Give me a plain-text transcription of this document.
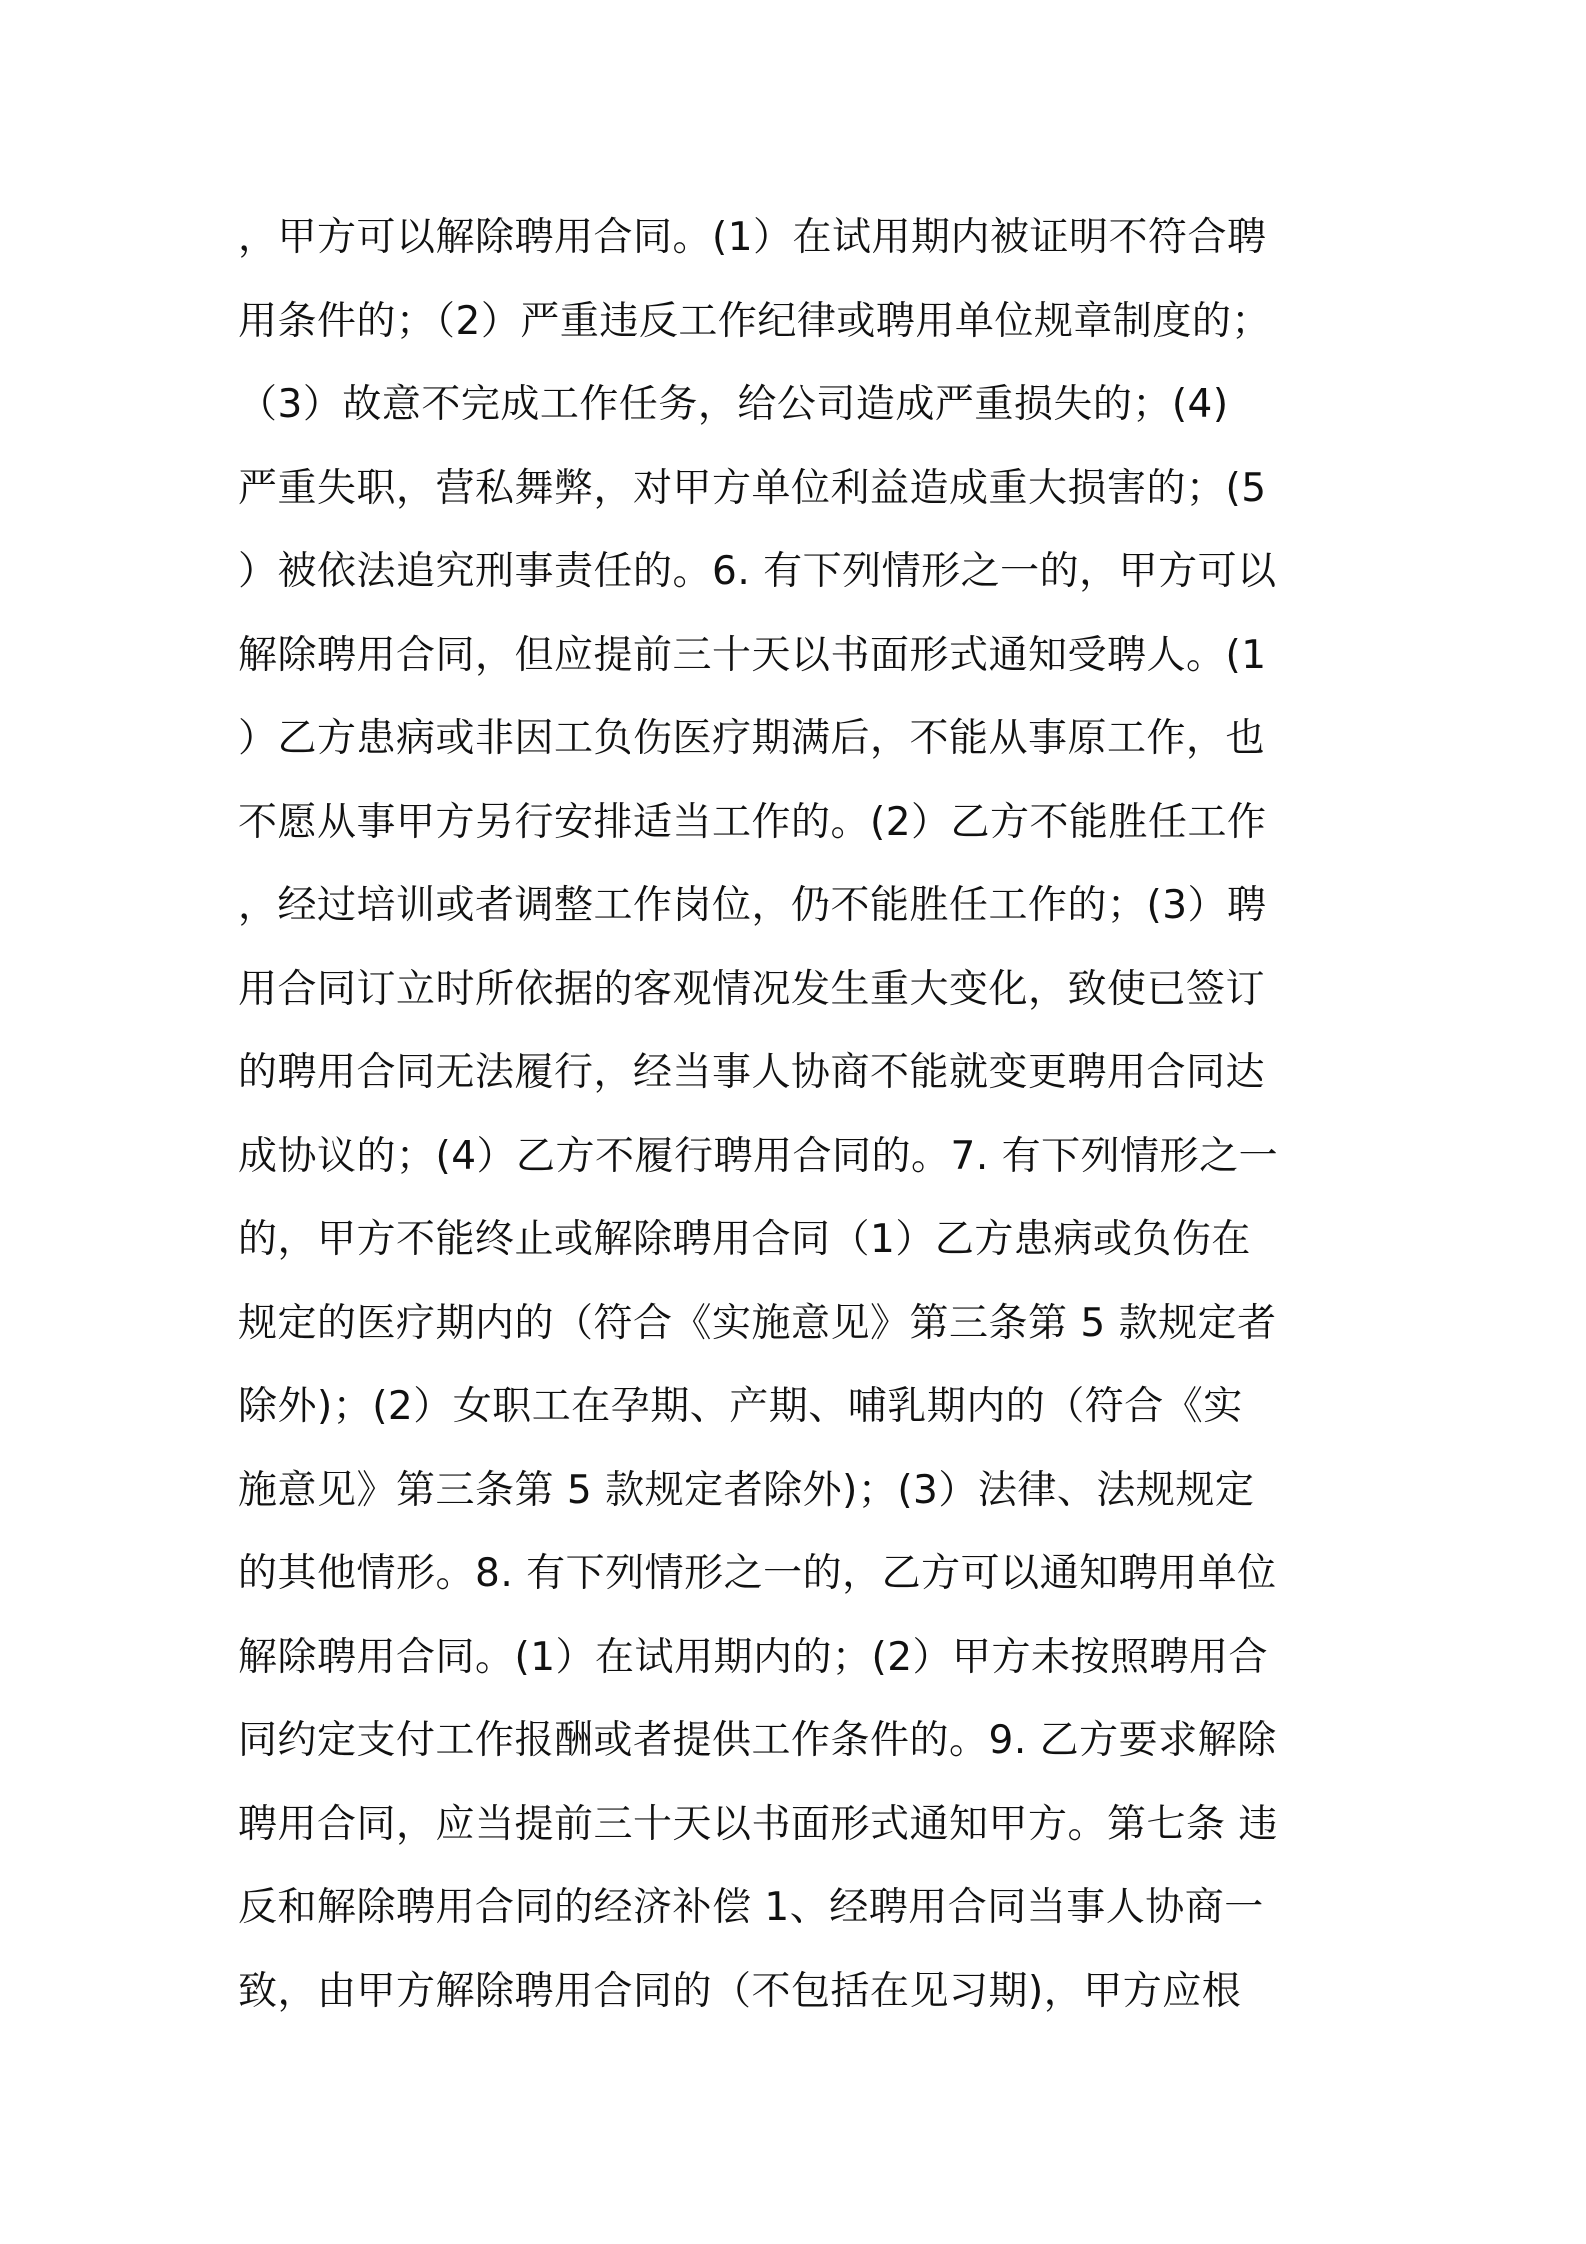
，甲方可以解除聘用合同。(1）在试用期内被证明不符合聘
用条件的；（2）严重违反工作纪律或聘用单位规章制度的；
（3）故意不完成工作任务，给公司造成严重损失的；(4)
严重失职，营私舞弊，对甲方单位利益造成重大损害的；(5
）被依法追究刑事责任的。6. 有下列情形之一的，甲方可以
解除聘用合同，但应提前三十天以书面形式通知受聘人。(1
）乙方患病或非因工负伤医疗期满后，不能从事原工作，也
不愿从事甲方另行安排适当工作的。(2）乙方不能胜任工作
，经过培训或者调整工作岗位，仍不能胜任工作的；(3）聘
用合同订立时所依据的客观情况发生重大变化，致使已签订
的聘用合同无法履行，经当事人协商不能就变更聘用合同达
成协议的；(4）乙方不履行聘用合同的。7. 有下列情形之一
的，甲方不能终止或解除聘用合同（1）乙方患病或负伤在
规定的医疗期内的（符合《实施意见》第三条第 5 款规定者
除外)；(2）女职工在孕期、产期、哺乳期内的（符合《实
施意见》第三条第 5 款规定者除外)；(3）法律、法规规定
的其他情形。8. 有下列情形之一的，乙方可以通知聘用单位
解除聘用合同。(1）在试用期内的；(2）甲方未按照聘用合
同约定支付工作报酬或者提供工作条件的。9. 乙方要求解除
聘用合同，应当提前三十天以书面形式通知甲方。第七条 违
反和解除聘用合同的经济补偿 1、经聘用合同当事人协商一
致，由甲方解除聘用合同的（不包括在见习期)，甲方应根
